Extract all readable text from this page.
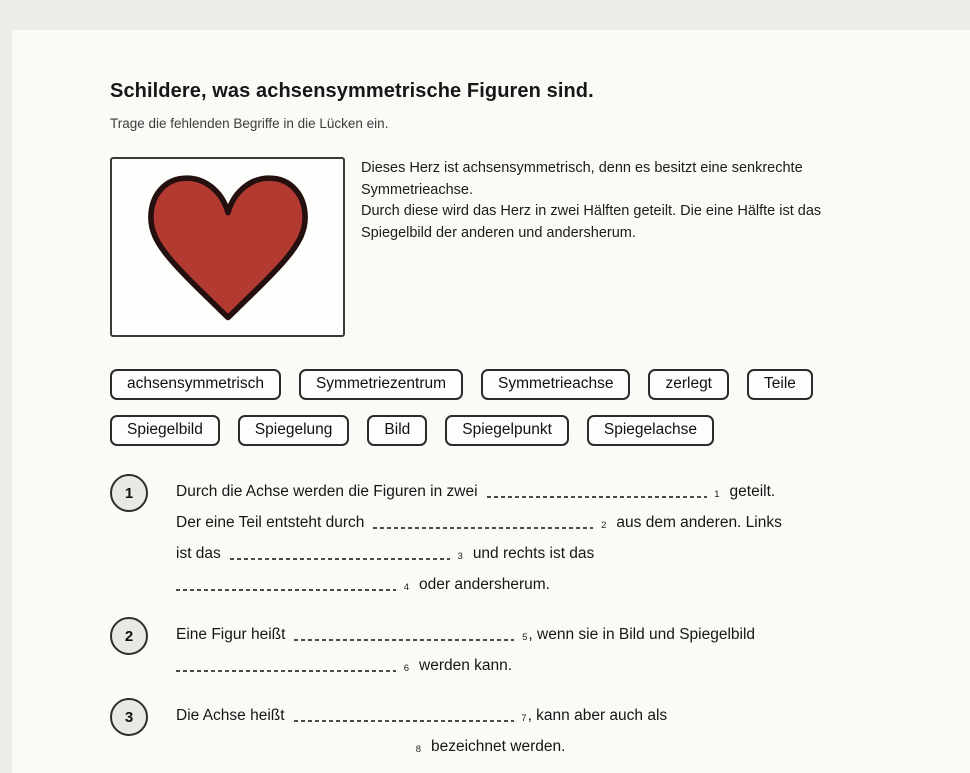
Schildere, was achsensymmetrische Figuren sind.

Trage die fehlenden Begriffe in die Lücken ein.

Dieses Herz ist achsensymmetrisch, denn es besitzt eine senkrechte
Symmetrieachse.
Durch diese wird das Herz in zwei Hälften geteilt. Die eine Hälfte ist das
Spiegelbild der anderen und andersherum.
achsensymmetrisch	Symmetriezentrum	Symmetrieachse	zerlegt	Teile
Spiegelbild	Spiegelung	Bild	Spiegelpunkt	Spiegelachse
1	Durch die Achse werden die Figuren in zwei	1 geteilt.
Der eine Teil entsteht durch	2 aus dem anderen. Links
ist das	3 und rechts ist das
4 oder andersherum.
2	Eine Figur heißt	5 , wenn sie in Bild und Spiegelbild
6 werden kann.
3	Die Achse heißt	7 , kann aber auch als
8 bezeichnet werden.
